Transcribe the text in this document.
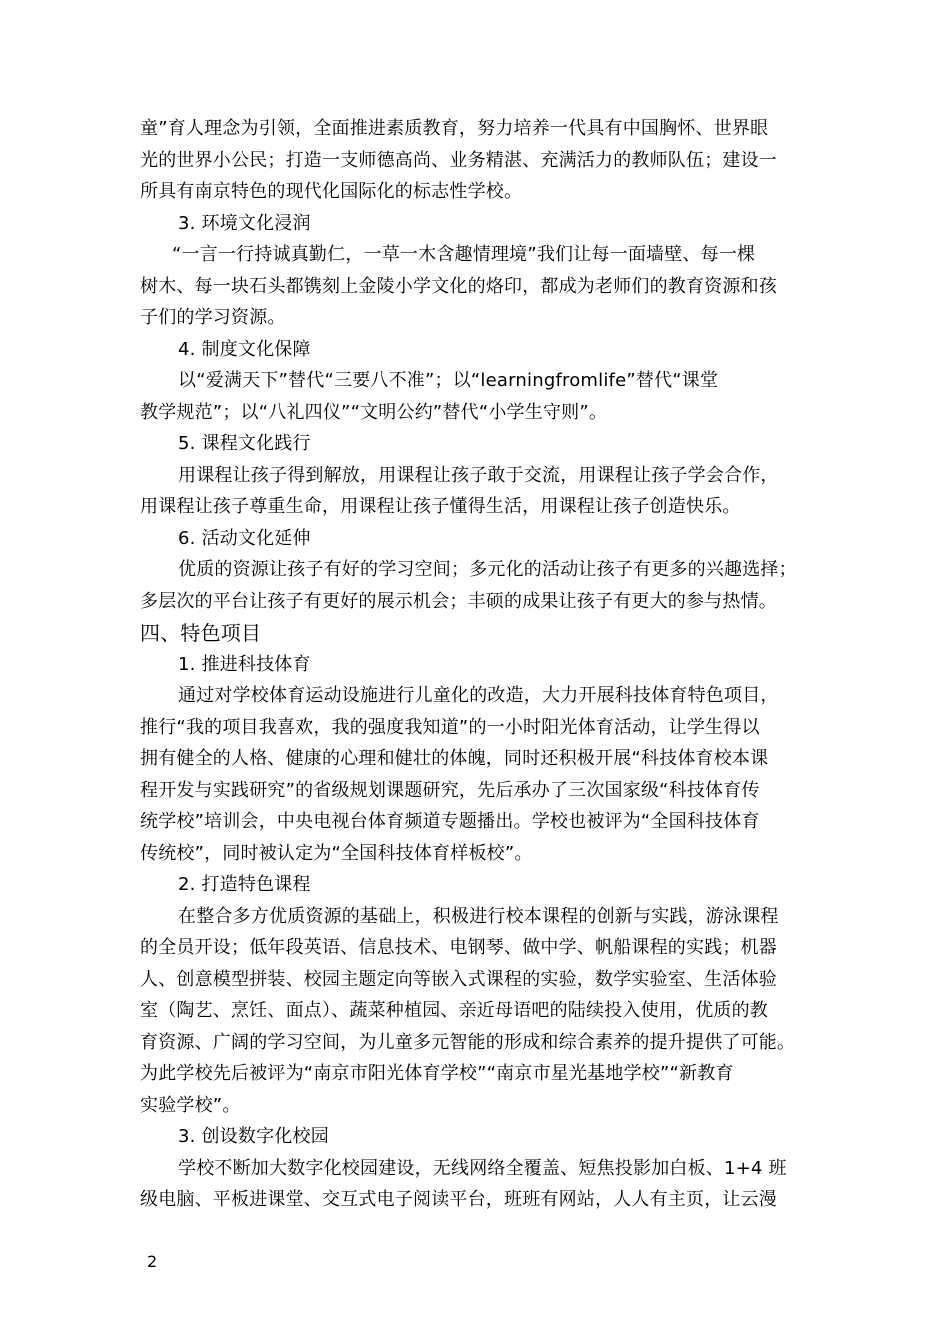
童”育人理念为引领，全面推进素质教育，努力培养一代具有中国胸怀、世界眼
光的世界小公民；打造一支师德高尚、业务精湛、充满活力的教师队伍；建设一
所具有南京特色的现代化国际化的标志性学校。
3. 环境文化浸润
“一言一行持诚真勤仁，一草一木含趣情理境”我们让每一面墙壁、每一棵
树木、每一块石头都镌刻上金陵小学文化的烙印，都成为老师们的教育资源和孩
子们的学习资源。
4. 制度文化保障
以“爱满天下”替代“三要八不准”；以“learningfromlife”替代“课堂
教学规范”；以“八礼四仪”“文明公约”替代“小学生守则”。
5. 课程文化践行
用课程让孩子得到解放，用课程让孩子敢于交流，用课程让孩子学会合作，
用课程让孩子尊重生命，用课程让孩子懂得生活，用课程让孩子创造快乐。
6. 活动文化延伸
优质的资源让孩子有好的学习空间；多元化的活动让孩子有更多的兴趣选择；
多层次的平台让孩子有更好的展示机会；丰硕的成果让孩子有更大的参与热情。
四、特色项目
1. 推进科技体育
通过对学校体育运动设施进行儿童化的改造，大力开展科技体育特色项目，
推行“我的项目我喜欢，我的强度我知道”的一小时阳光体育活动，让学生得以
拥有健全的人格、健康的心理和健壮的体魄，同时还积极开展“科技体育校本课
程开发与实践研究”的省级规划课题研究，先后承办了三次国家级“科技体育传
统学校”培训会，中央电视台体育频道专题播出。学校也被评为“全国科技体育
传统校”，同时被认定为“全国科技体育样板校”。
2. 打造特色课程
在整合多方优质资源的基础上，积极进行校本课程的创新与实践，游泳课程
的全员开设；低年段英语、信息技术、电钢琴、做中学、帆船课程的实践；机器
人、创意模型拼装、校园主题定向等嵌入式课程的实验，数学实验室、生活体验
室（陶艺、烹饪、面点）、蔬菜种植园、亲近母语吧的陆续投入使用，优质的教
育资源、广阔的学习空间，为儿童多元智能的形成和综合素养的提升提供了可能。
为此学校先后被评为“南京市阳光体育学校”“南京市星光基地学校”“新教育
实验学校”。
3. 创设数字化校园
学校不断加大数字化校园建设，无线网络全覆盖、短焦投影加白板、1+4 班
级电脑、平板进课堂、交互式电子阅读平台，班班有网站，人人有主页，让云漫
2
